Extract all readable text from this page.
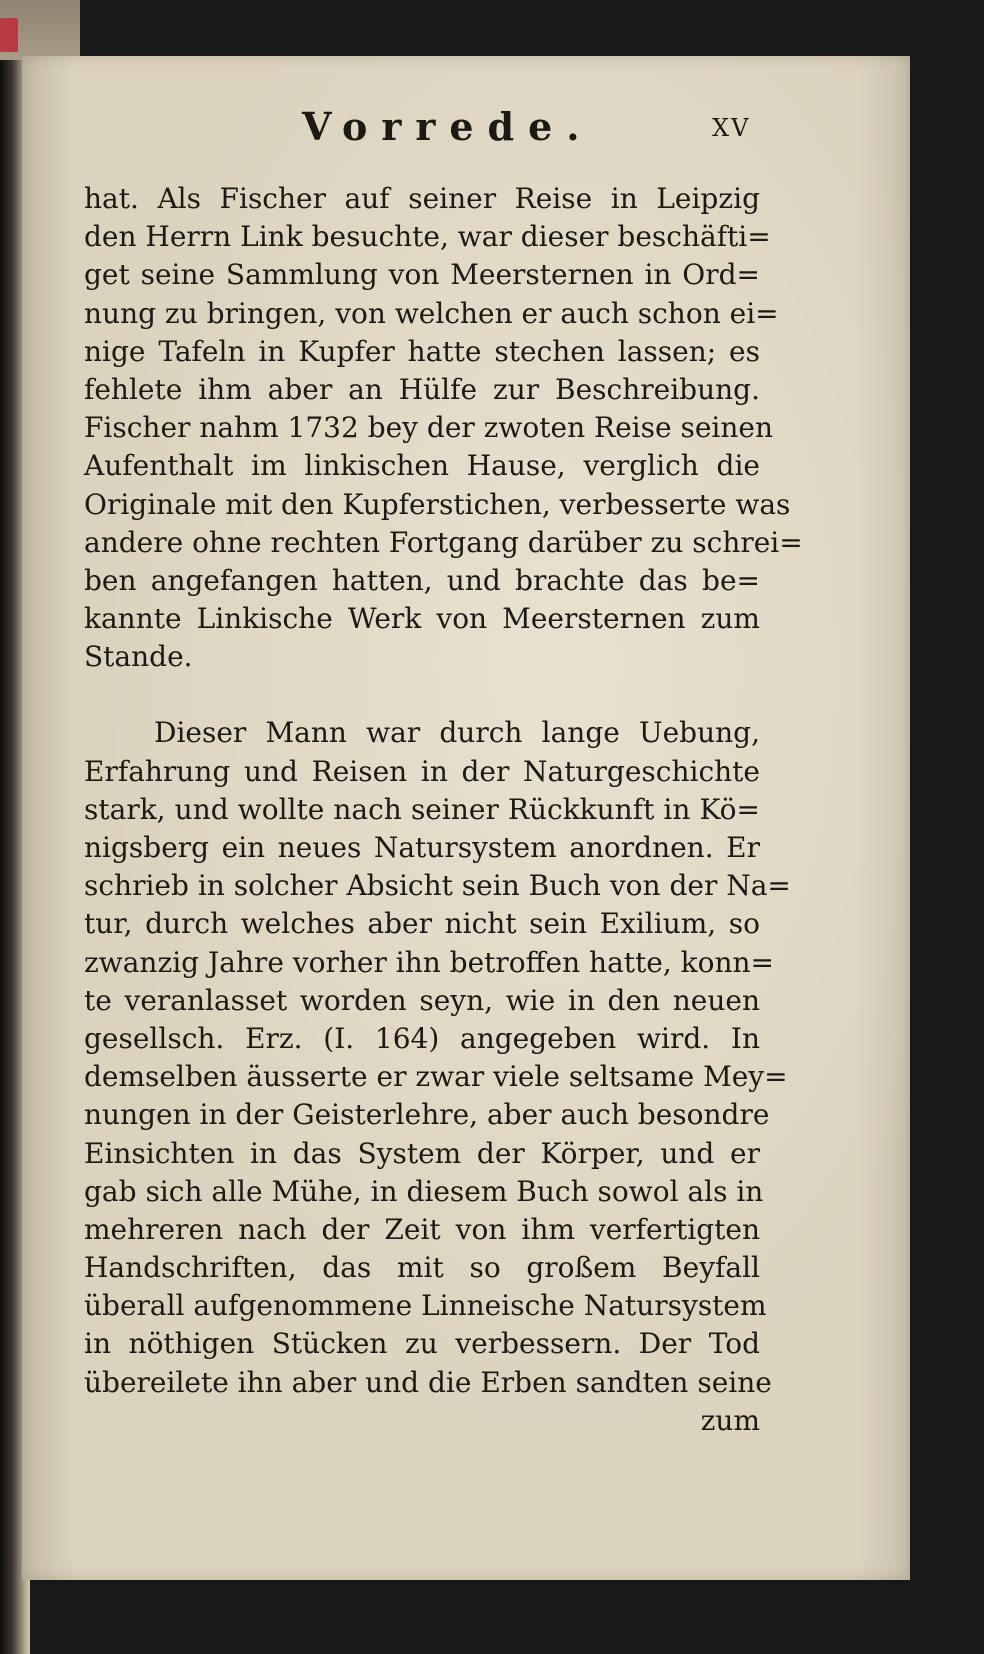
Vorrede.	XV
hat. Als Fischer auf seiner Reise in Leipzig
den Herrn Link besuchte, war dieser beschäfti=
get seine Sammlung von Meersternen in Ord=
nung zu bringen, von welchen er auch schon ei=
nige Tafeln in Kupfer hatte stechen lassen; es
fehlete ihm aber an Hülfe zur Beschreibung.
Fischer nahm 1732 bey der zwoten Reise seinen
Aufenthalt im linkischen Hause, verglich die
Originale mit den Kupferstichen, verbesserte was
andere ohne rechten Fortgang darüber zu schrei=
ben angefangen hatten, und brachte das be=
kannte Linkische Werk von Meersternen zum
Stande.
Dieser Mann war durch lange Uebung,
Erfahrung und Reisen in der Naturgeschichte
stark, und wollte nach seiner Rückkunft in Kö=
nigsberg ein neues Natursystem anordnen. Er
schrieb in solcher Absicht sein Buch von der Na=
tur, durch welches aber nicht sein Exilium, so
zwanzig Jahre vorher ihn betroffen hatte, konn=
te veranlasset worden seyn, wie in den neuen
gesellsch. Erz. (I. 164) angegeben wird. In
demselben äusserte er zwar viele seltsame Mey=
nungen in der Geisterlehre, aber auch besondre
Einsichten in das System der Körper, und er
gab sich alle Mühe, in diesem Buch sowol als in
mehreren nach der Zeit von ihm verfertigten
Handschriften, das mit so großem Beyfall
überall aufgenommene Linneische Natursystem
in nöthigen Stücken zu verbessern. Der Tod
übereilete ihn aber und die Erben sandten seine
zum
